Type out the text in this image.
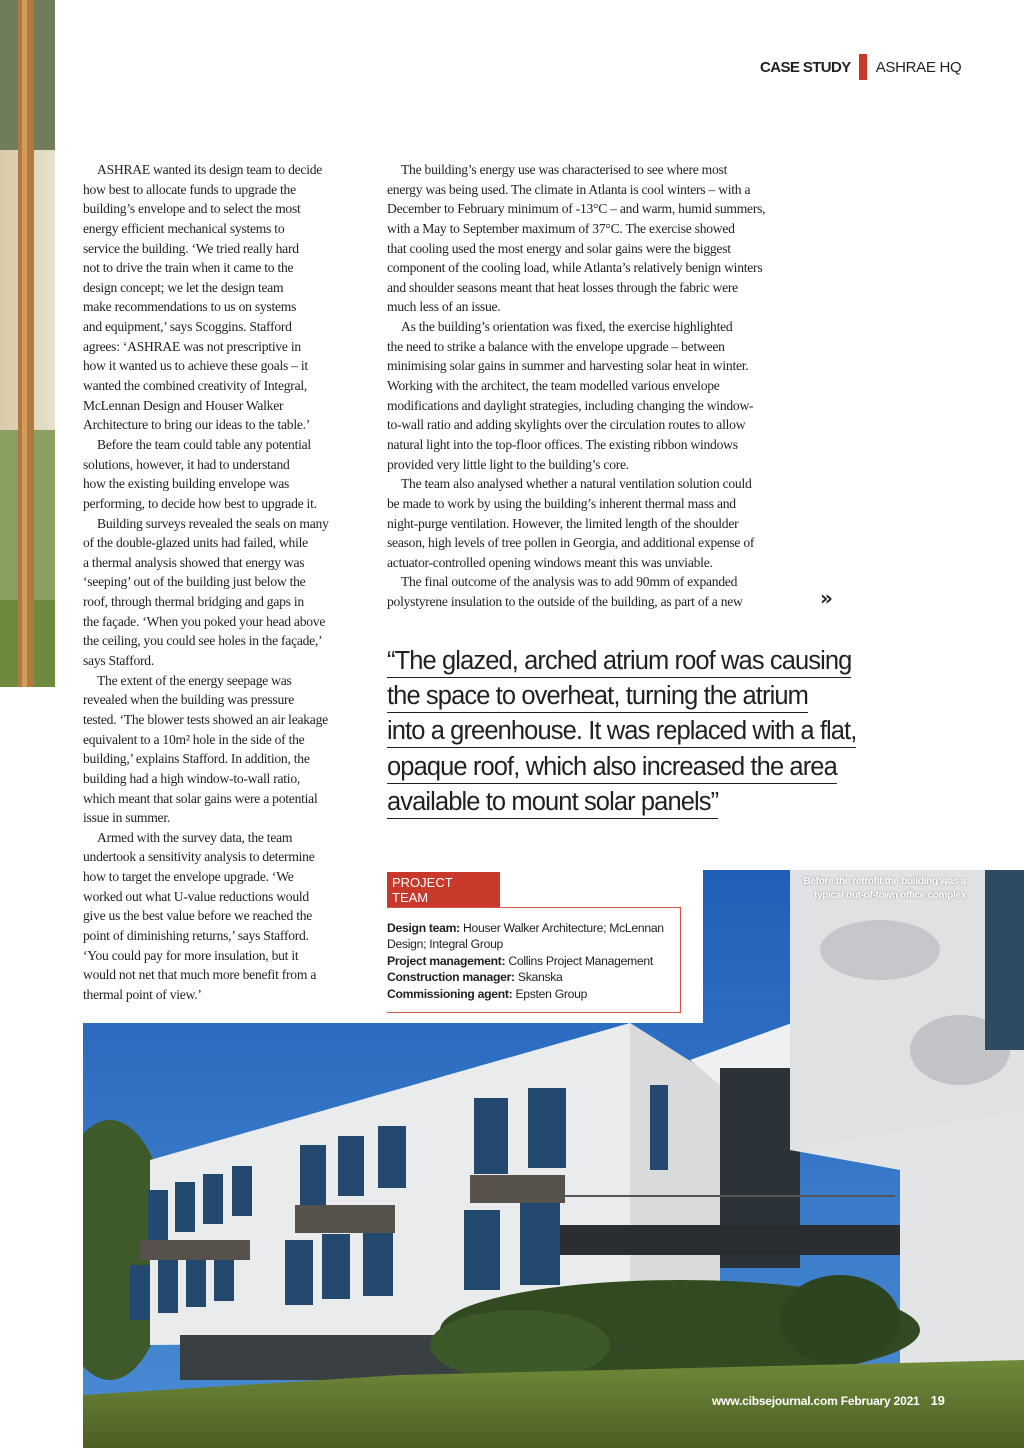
CASE STUDY ASHRAE HQ
ASHRAE wanted its design team to decide
how best to allocate funds to upgrade the
building’s envelope and to select the most
energy efficient mechanical systems to
service the building. ‘We tried really hard
not to drive the train when it came to the
design concept; we let the design team
make recommendations to us on systems
and equipment,’ says Scoggins. Stafford
agrees: ‘ASHRAE was not prescriptive in
how it wanted us to achieve these goals – it
wanted the combined creativity of Integral,
McLennan Design and Houser Walker
Architecture to bring our ideas to the table.’
Before the team could table any potential
solutions, however, it had to understand
how the existing building envelope was
performing, to decide how best to upgrade it.
Building surveys revealed the seals on many
of the double-glazed units had failed, while
a thermal analysis showed that energy was
‘seeping’ out of the building just below the
roof, through thermal bridging and gaps in
the façade. ‘When you poked your head above
the ceiling, you could see holes in the façade,’
says Stafford.
The extent of the energy seepage was
revealed when the building was pressure
tested. ‘The blower tests showed an air leakage
equivalent to a 10m² hole in the side of the
building,’ explains Stafford. In addition, the
building had a high window-to-wall ratio,
which meant that solar gains were a potential
issue in summer.
Armed with the survey data, the team
undertook a sensitivity analysis to determine
how to target the envelope upgrade. ‘We
worked out what U-value reductions would
give us the best value before we reached the
point of diminishing returns,’ says Stafford.
‘You could pay for more insulation, but it
would not net that much more benefit from a
thermal point of view.’
The building’s energy use was characterised to see where most
energy was being used. The climate in Atlanta is cool winters – with a
December to February minimum of -13°C – and warm, humid summers,
with a May to September maximum of 37°C. The exercise showed
that cooling used the most energy and solar gains were the biggest
component of the cooling load, while Atlanta’s relatively benign winters
and shoulder seasons meant that heat losses through the fabric were
much less of an issue.
As the building’s orientation was fixed, the exercise highlighted
the need to strike a balance with the envelope upgrade – between
minimising solar gains in summer and harvesting solar heat in winter.
Working with the architect, the team modelled various envelope
modifications and daylight strategies, including changing the window-
to-wall ratio and adding skylights over the circulation routes to allow
natural light into the top-floor offices. The existing ribbon windows
provided very little light to the building’s core.
The team also analysed whether a natural ventilation solution could
be made to work by using the building’s inherent thermal mass and
night-purge ventilation. However, the limited length of the shoulder
season, high levels of tree pollen in Georgia, and additional expense of
actuator-controlled opening windows meant this was unviable.
The final outcome of the analysis was to add 90mm of expanded
polystyrene insulation to the outside of the building, as part of a new	»
“The glazed, arched atrium roof was causing
the space to overheat, turning the atrium
into a greenhouse. It was replaced with a flat,
opaque roof, which also increased the area
available to mount solar panels”
PROJECT TEAM
Design team: Houser Walker Architecture; McLennan Design; Integral Group
Project management: Collins Project Management
Construction manager: Skanska
Commissioning agent: Epsten Group
Before the retrofit the building was a typical out-of-town office complex
www.cibsejournal.com February 2021 19
